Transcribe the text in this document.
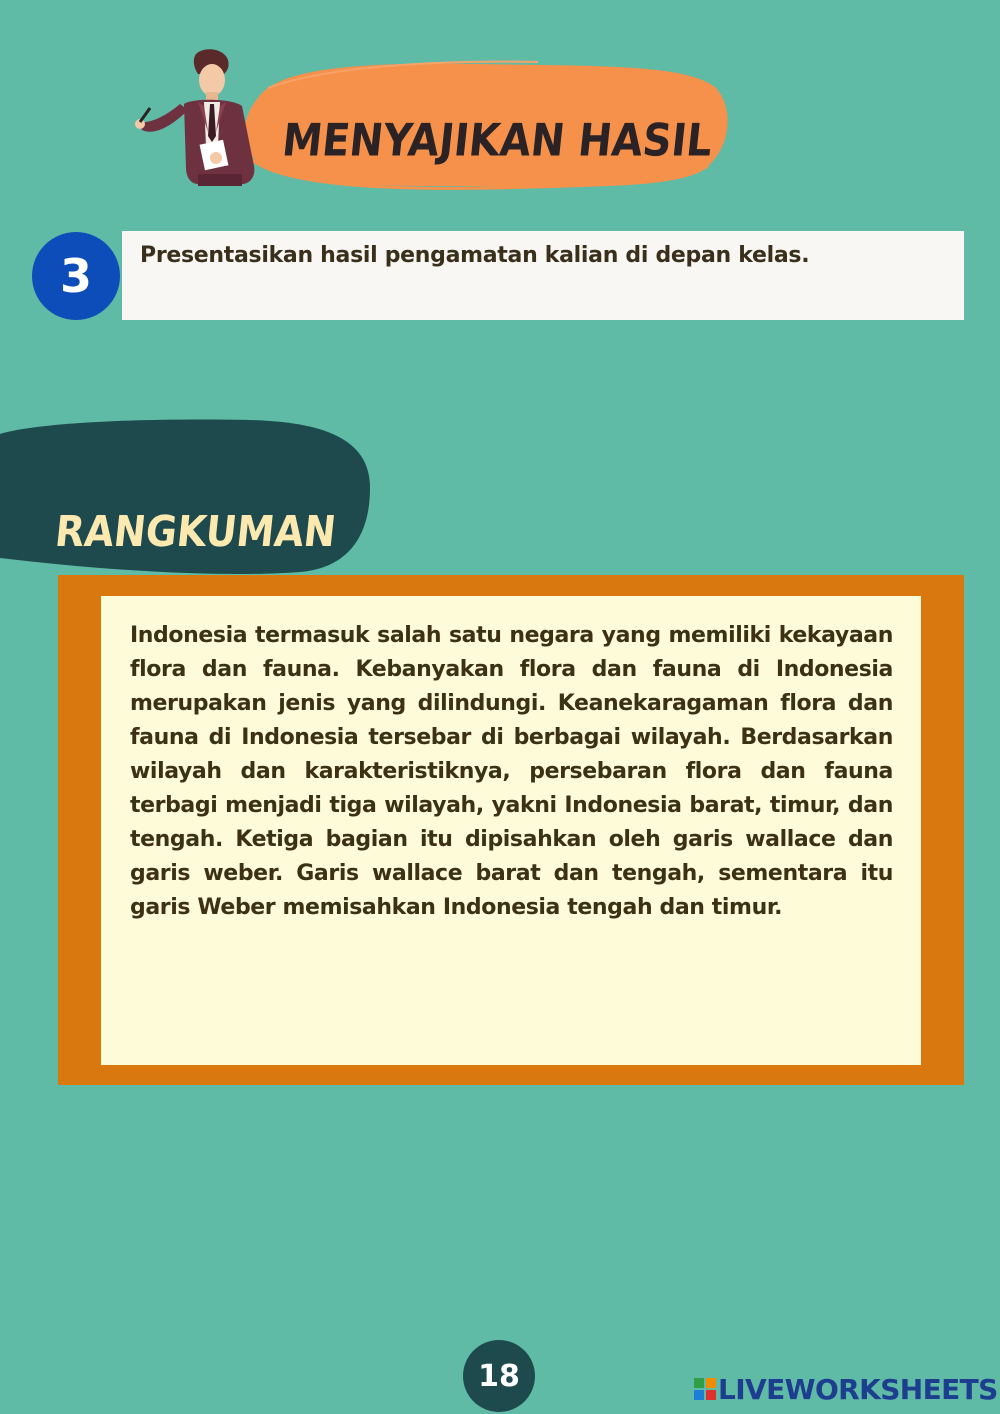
MENYAJIKAN HASIL
3	Presentasikan hasil pengamatan kalian di depan kelas.
RANGKUMAN

Indonesia termasuk salah satu negara yang memiliki kekayaan flora dan fauna. Kebanyakan flora dan fauna di Indonesia merupakan jenis yang dilindungi. Keanekaragaman flora dan fauna di Indonesia tersebar di berbagai wilayah. Berdasarkan wilayah dan karakteristiknya, persebaran flora dan fauna terbagi menjadi tiga wilayah, yakni Indonesia barat, timur, dan tengah. Ketiga bagian itu dipisahkan oleh garis wallace dan garis weber. Garis wallace barat dan tengah, sementara itu garis Weber memisahkan Indonesia tengah dan timur.

18	LIVEWORKSHEETS
